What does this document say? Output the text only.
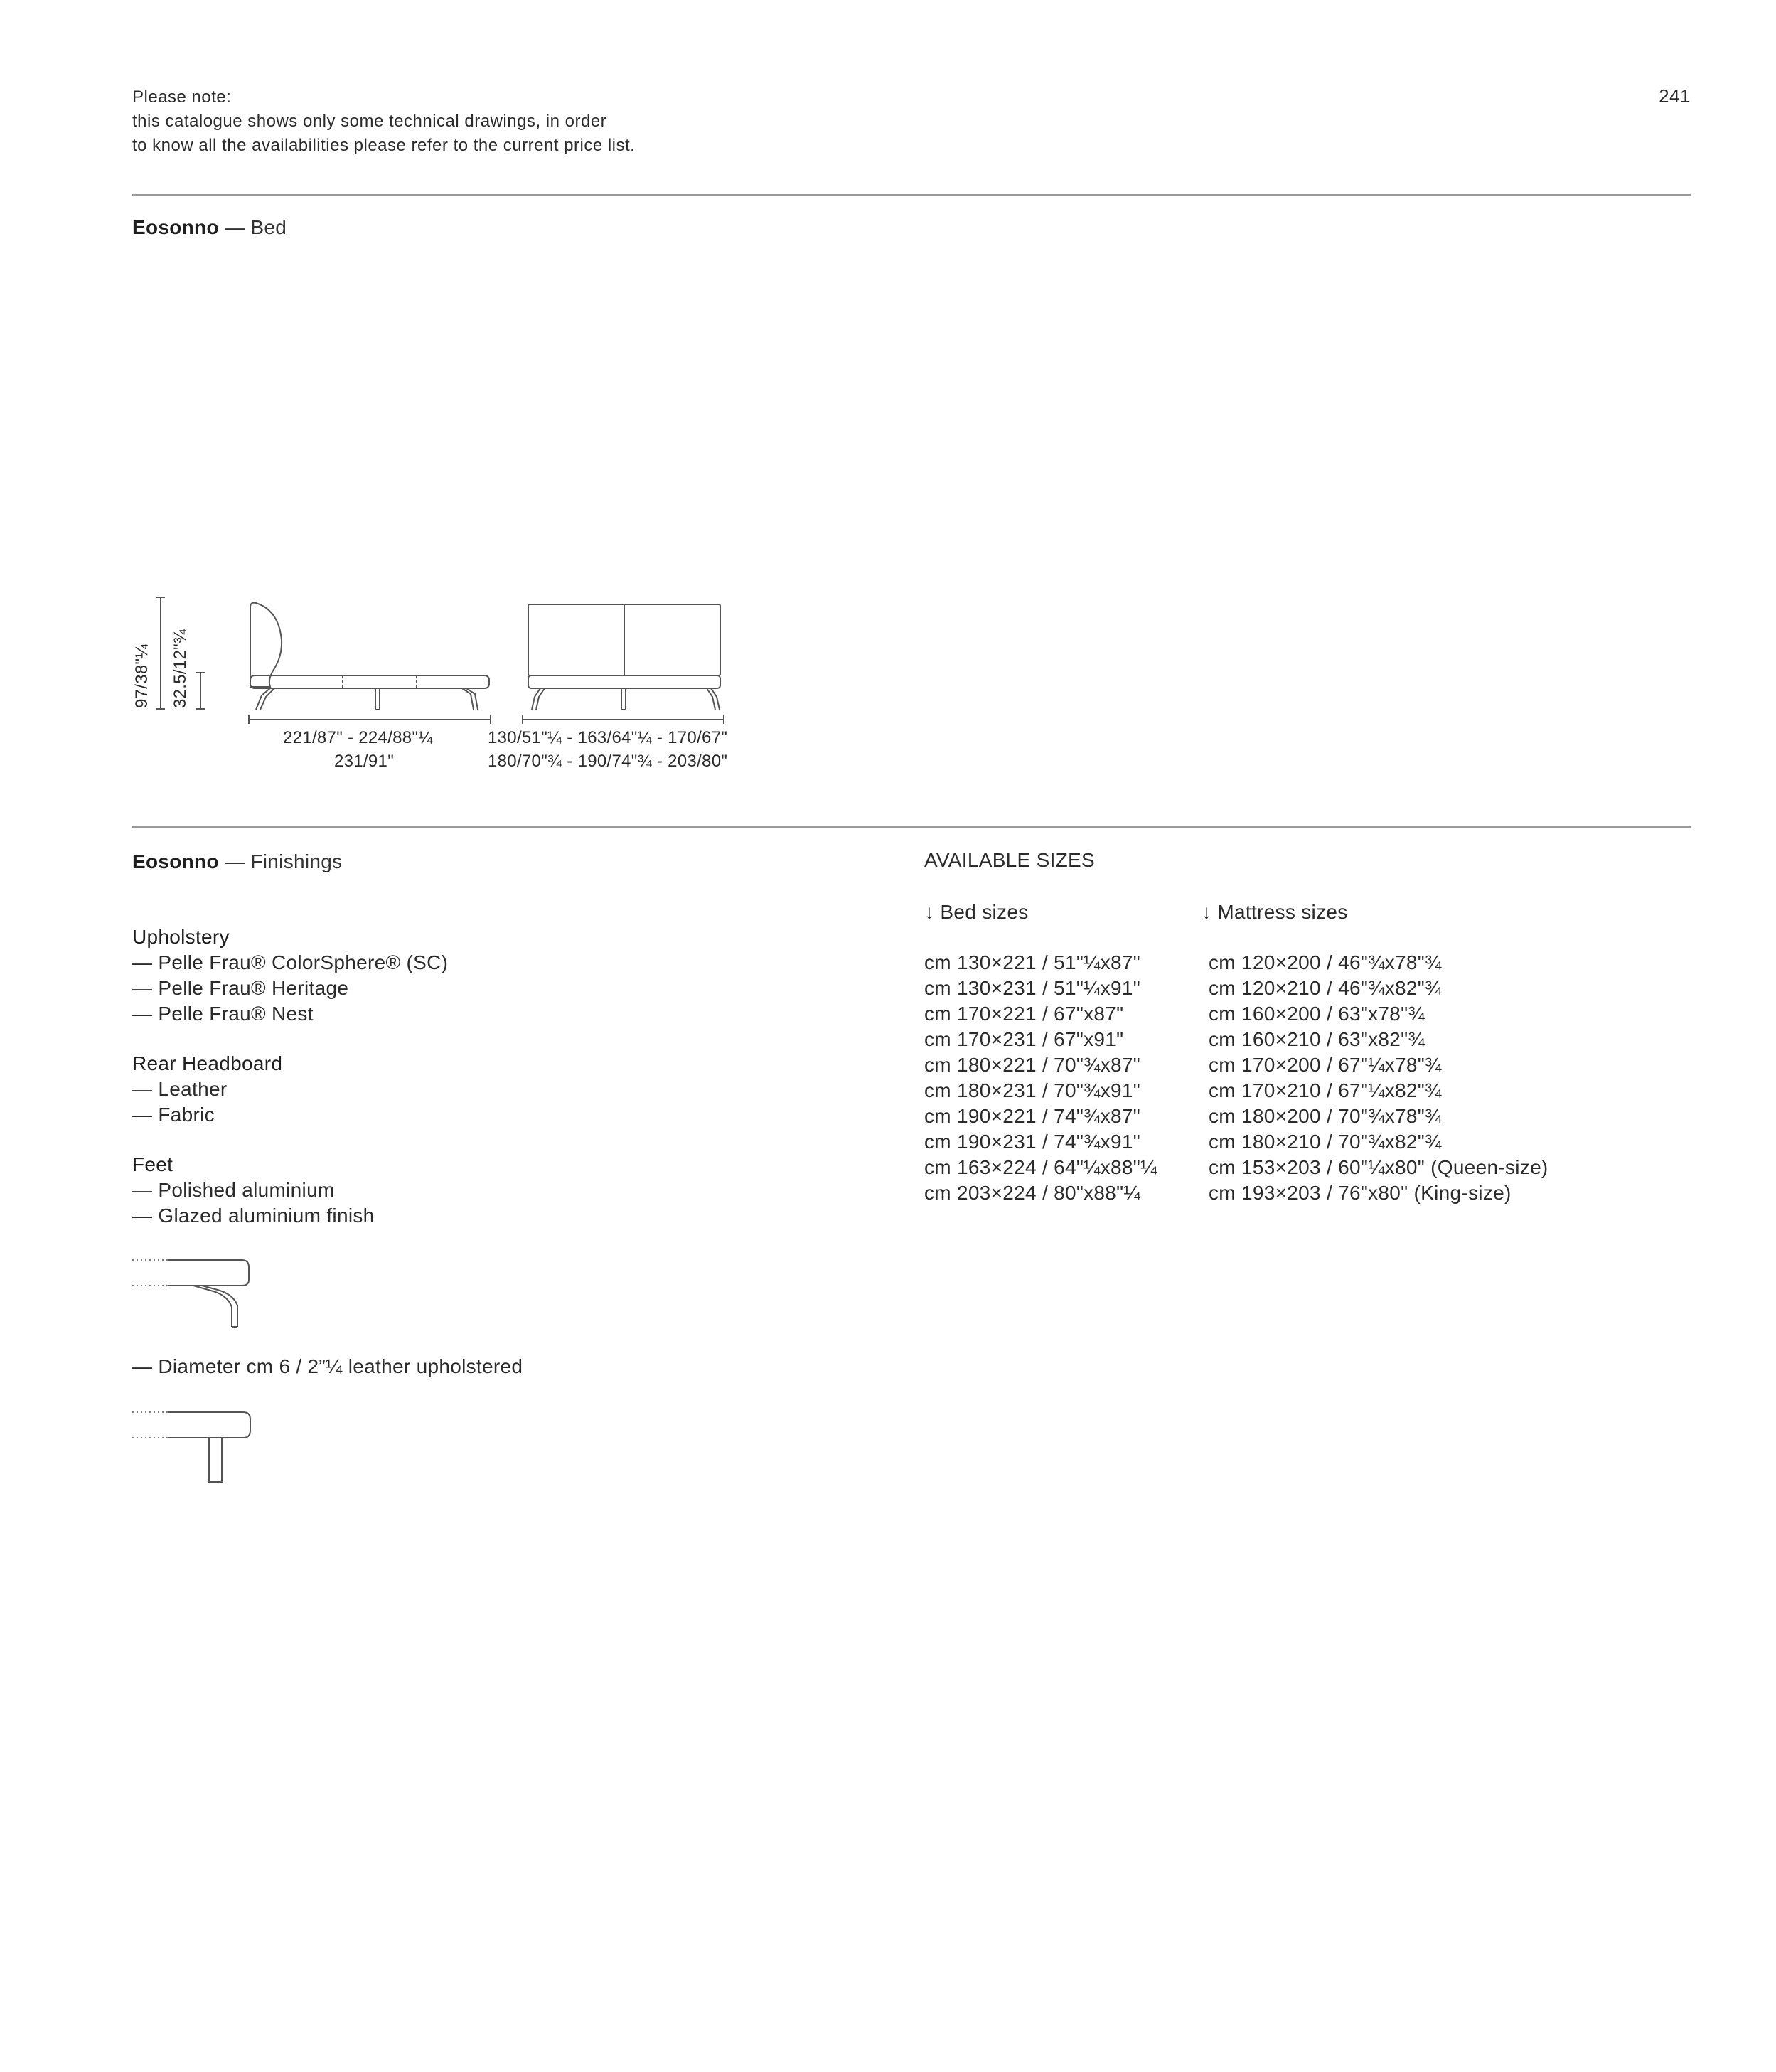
Please note:
this catalogue shows only some technical drawings, in order
to know all the availabilities please refer to the current price list.
241
Eosonno — Bed
97/38"¼ 32.5/12"¾
221/87" - 224/88"¼
231/91"
130/51"¼ - 163/64"¼ - 170/67"
180/70"¾ - 190/74"¾ - 203/80"
Eosonno — Finishings
Upholstery
— Pelle Frau® ColorSphere® (SC)
— Pelle Frau® Heritage
— Pelle Frau® Nest
Rear Headboard
— Leather
— Fabric
Feet
— Polished aluminium
— Glazed aluminium finish
— Diameter cm 6 / 2”¼ leather upholstered
AVAILABLE SIZES
↓ Bed sizes	↓ Mattress sizes
cm 130×221 / 51"¼x87"
cm 130×231 / 51"¼x91"
cm 170×221 / 67"x87"
cm 170×231 / 67"x91"
cm 180×221 / 70"¾x87"
cm 180×231 / 70"¾x91"
cm 190×221 / 74"¾x87"
cm 190×231 / 74"¾x91"
cm 163×224 / 64"¼x88"¼
cm 203×224 / 80"x88"¼
cm 120×200 / 46"¾x78"¾
cm 120×210 / 46"¾x82"¾
cm 160×200 / 63"x78"¾
cm 160×210 / 63"x82"¾
cm 170×200 / 67"¼x78"¾
cm 170×210 / 67"¼x82"¾
cm 180×200 / 70"¾x78"¾
cm 180×210 / 70"¾x82"¾
cm 153×203 / 60"¼x80" (Queen-size)
cm 193×203 / 76"x80" (King-size)
